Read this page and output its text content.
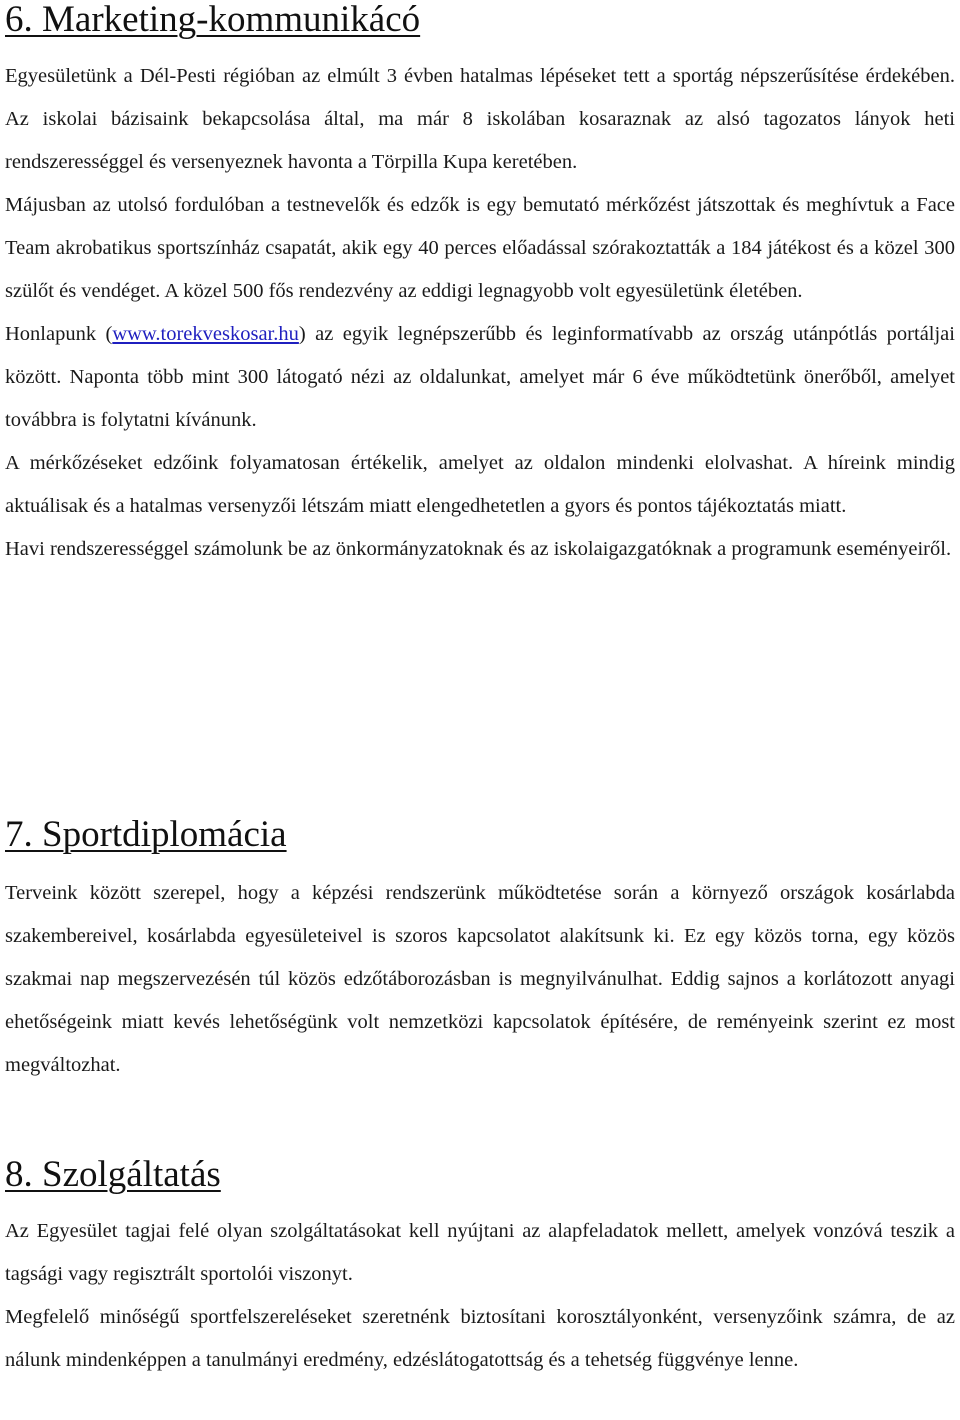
6. Marketing-kommunikácó

Egyesületünk a Dél-Pesti régióban az elmúlt 3 évben hatalmas lépéseket tett a sportág népszerűsítése érdekében. Az iskolai bázisaink bekapcsolása által, ma már 8 iskolában kosaraznak az alsó tagozatos lányok heti rendszerességgel és versenyeznek havonta a Törpilla Kupa keretében.

Májusban az utolsó fordulóban a testnevelők és edzők is egy bemutató mérkőzést játszottak és meghívtuk a Face Team akrobatikus sportszínház csapatát, akik egy 40 perces előadással szórakoztatták a 184 játékost és a közel 300 szülőt és vendéget. A közel 500 fős rendezvény az eddigi legnagyobb volt egyesületünk életében.

Honlapunk (www.torekveskosar.hu) az egyik legnépszerűbb és leginformatívabb az ország utánpótlás portáljai között. Naponta több mint 300 látogató nézi az oldalunkat, amelyet már 6 éve működtetünk önerőből, amelyet továbbra is folytatni kívánunk.

A mérkőzéseket edzőink folyamatosan értékelik, amelyet az oldalon mindenki elolvashat. A híreink mindig aktuálisak és a hatalmas versenyzői létszám miatt elengedhetetlen a gyors és pontos tájékoztatás miatt.

Havi rendszerességgel számolunk be az önkormányzatoknak és az iskolaigazgatóknak a programunk eseményeiről.

7. Sportdiplomácia

Terveink között szerepel, hogy a képzési rendszerünk működtetése során a környező országok kosárlabda szakembereivel, kosárlabda egyesületeivel is szoros kapcsolatot alakítsunk ki. Ez egy közös torna, egy közös szakmai nap megszervezésén túl közös edzőtáborozásban is megnyilvánulhat. Eddig sajnos a korlátozott anyagi ehetőségeink miatt kevés lehetőségünk volt nemzetközi kapcsolatok építésére, de reményeink szerint ez most megváltozhat.

8. Szolgáltatás

Az Egyesület tagjai felé olyan szolgáltatásokat kell nyújtani az alapfeladatok mellett, amelyek vonzóvá teszik a tagsági vagy regisztrált sportolói viszonyt.

Megfelelő minőségű sportfelszereléseket szeretnénk biztosítani korosztályonként, versenyzőink számra, de az nálunk mindenképpen a tanulmányi eredmény, edzéslátogatottság és a tehetség függvénye lenne.
